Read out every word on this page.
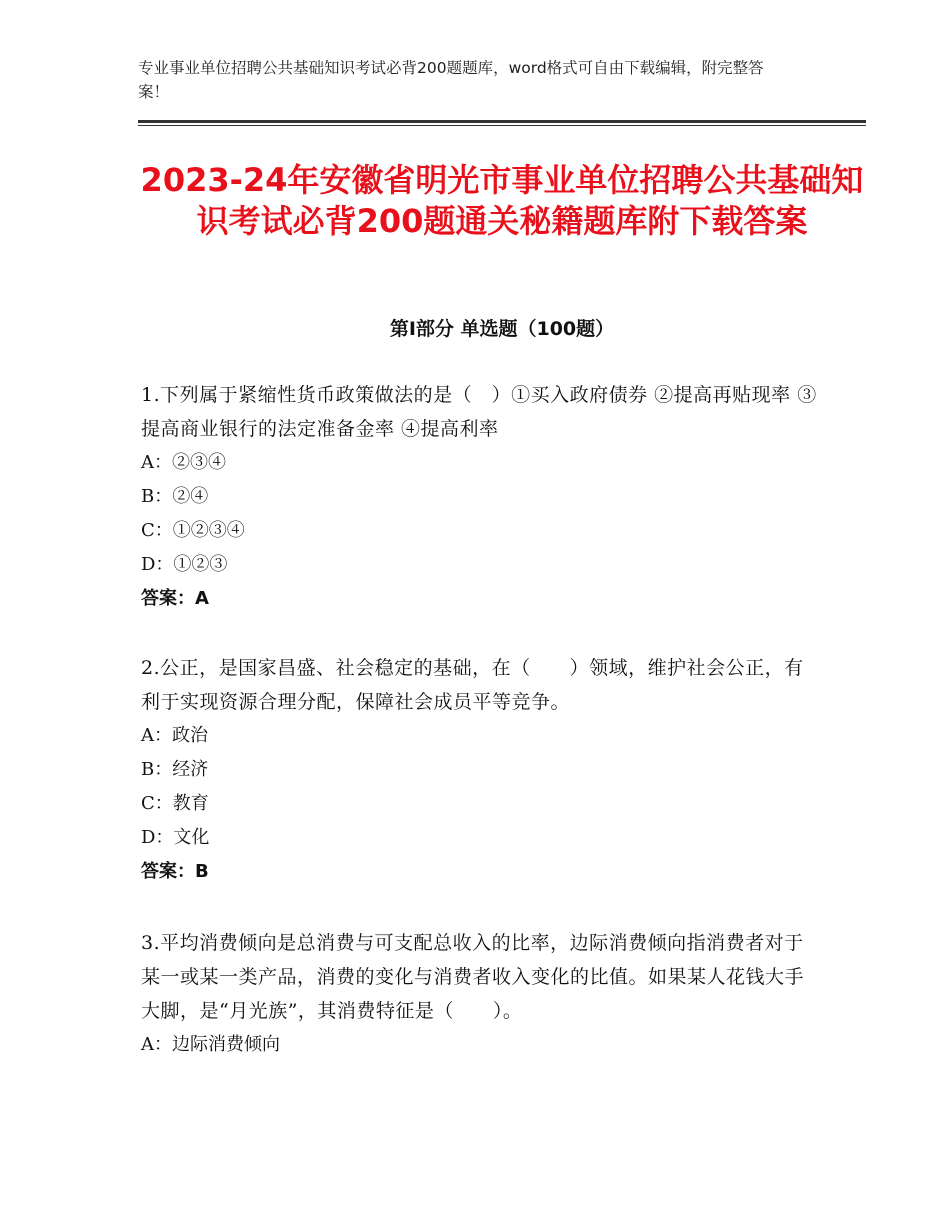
专业事业单位招聘公共基础知识考试必背200题题库，word格式可自由下载编辑，附完整答案！
2023-24年安徽省明光市事业单位招聘公共基础知识考试必背200题通关秘籍题库附下载答案
第I部分 单选题（100题）
1.下列属于紧缩性货币政策做法的是（　）①买入政府债券 ②提高再贴现率 ③提高商业银行的法定准备金率 ④提高利率
A：②③④
B：②④
C：①②③④
D：①②③
答案：A
2.公正，是国家昌盛、社会稳定的基础，在（　　）领域，维护社会公正，有利于实现资源合理分配，保障社会成员平等竞争。
A：政治
B：经济
C：教育
D：文化
答案：B
3.平均消费倾向是总消费与可支配总收入的比率，边际消费倾向指消费者对于某一或某一类产品，消费的变化与消费者收入变化的比值。如果某人花钱大手大脚，是“月光族”，其消费特征是（　　）。
A：边际消费倾向
